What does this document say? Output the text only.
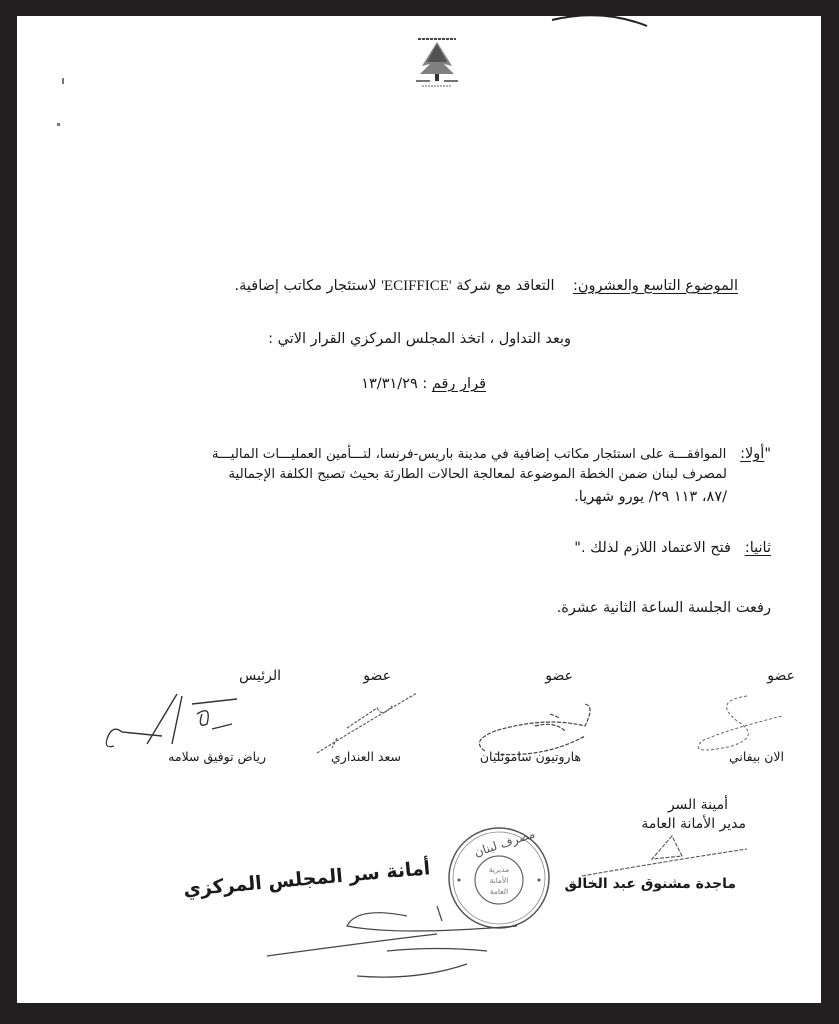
الموضوع التاسع والعشرون:    التعاقد مع شركة 'ECIFFICE' لاستئجار مكاتب إضافية.
وبعد التداول ، اتخذ المجلس المركزي القرار الاتي :
قرار رقم : ١٣/٣١/٢٩
"أولا:   الموافقـــة على استئجار مكاتب إضافية في مدينة باريس-فرنسا، لتـــأمين العمليـــات الماليـــة
لمصرف لبنان ضمن الخطة الموضوعة لمعالجة الحالات الطارئة بحيث تصبح الكلفة الإجمالية
/٨٧، ١١٣ ٢٩/ يورو شهريا.
ثانيا:   فتح الاعتماد اللازم لذلك ."
رفعت الجلسة الساعة الثانية عشرة.
الرئيس	عضو	عضو	عضو
رياض توفيق سلامه	سعد العنداري	هاروتيون ساموئليان	الان بيفاني
أمينة السر
مدير الأمانة العامة
ماجدة مشنوق عبد الخالق
مصرف لبنان
مديرية الأمانة العامة
أمانة سر المجلس المركزي
